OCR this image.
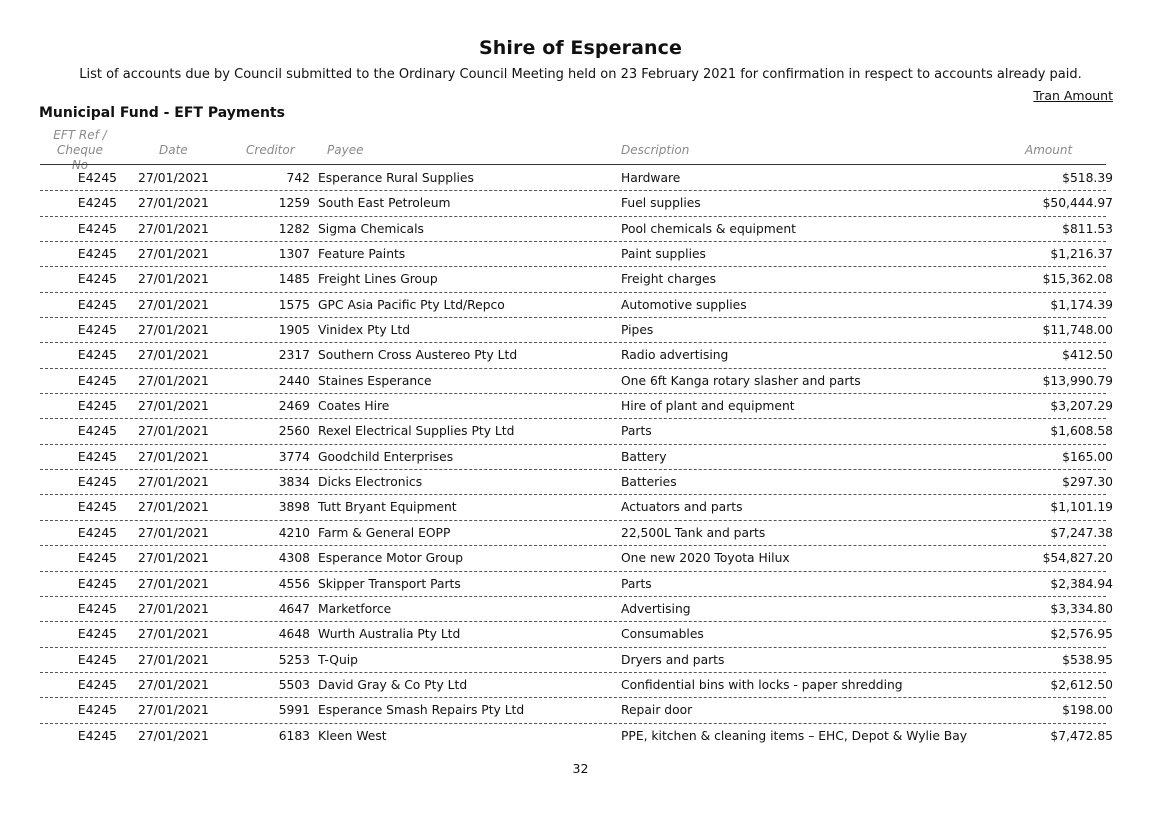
Shire of Esperance
List of accounts due by Council submitted to the Ordinary Council Meeting held on 23 February 2021 for confirmation in respect to accounts already paid.
Tran Amount
Municipal Fund - EFT Payments
EFT Ref /
Cheque No
Date	Creditor	Payee	Description	Amount
E4245 27/01/2021	742 Esperance Rural Supplies	Hardware	$518.39
E4245 27/01/2021	1259 South East Petroleum	Fuel supplies	$50,444.97
E4245 27/01/2021	1282 Sigma Chemicals	Pool chemicals & equipment	$811.53
E4245 27/01/2021	1307 Feature Paints	Paint supplies	$1,216.37
E4245 27/01/2021	1485 Freight Lines Group	Freight charges	$15,362.08
E4245 27/01/2021	1575 GPC Asia Pacific Pty Ltd/Repco	Automotive supplies	$1,174.39
E4245 27/01/2021	1905 Vinidex Pty Ltd	Pipes	$11,748.00
E4245 27/01/2021	2317 Southern Cross Austereo Pty Ltd	Radio advertising	$412.50
E4245 27/01/2021	2440 Staines Esperance	One 6ft Kanga rotary slasher and parts	$13,990.79
E4245 27/01/2021	2469 Coates Hire	Hire of plant and equipment	$3,207.29
E4245 27/01/2021	2560 Rexel Electrical Supplies Pty Ltd	Parts	$1,608.58
E4245 27/01/2021	3774 Goodchild Enterprises	Battery	$165.00
E4245 27/01/2021	3834 Dicks Electronics	Batteries	$297.30
E4245 27/01/2021	3898 Tutt Bryant Equipment	Actuators and parts	$1,101.19
E4245 27/01/2021	4210 Farm & General EOPP	22,500L Tank and parts	$7,247.38
E4245 27/01/2021	4308 Esperance Motor Group	One new 2020 Toyota Hilux	$54,827.20
E4245 27/01/2021	4556 Skipper Transport Parts	Parts	$2,384.94
E4245 27/01/2021	4647 Marketforce	Advertising	$3,334.80
E4245 27/01/2021	4648 Wurth Australia Pty Ltd	Consumables	$2,576.95
E4245 27/01/2021	5253 T-Quip	Dryers and parts	$538.95
E4245 27/01/2021	5503 David Gray & Co Pty Ltd	Confidential bins with locks - paper shredding	$2,612.50
E4245 27/01/2021	5991 Esperance Smash Repairs Pty Ltd	Repair door	$198.00
E4245 27/01/2021	6183 Kleen West	PPE, kitchen & cleaning items – EHC, Depot & Wylie Bay	$7,472.85
32
